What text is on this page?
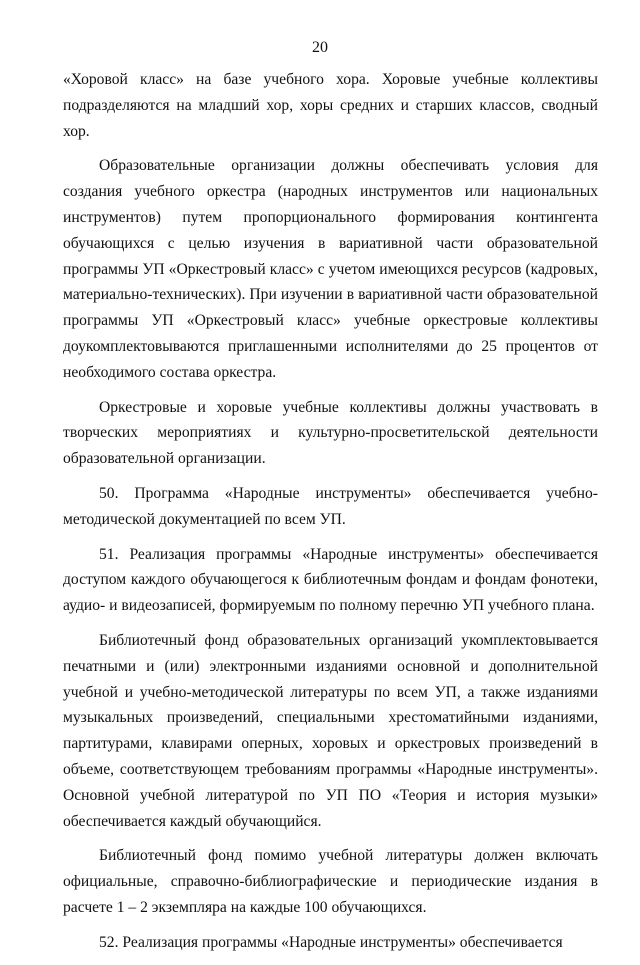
20

«Хоровой класс» на базе учебного хора. Хоровые учебные коллективы подразделяются на младший хор, хоры средних и старших классов, сводный хор.

Образовательные организации должны обеспечивать условия для создания учебного оркестра (народных инструментов или национальных инструментов) путем пропорционального формирования контингента обучающихся с целью изучения в вариативной части образовательной программы УП «Оркестровый класс» с учетом имеющихся ресурсов (кадровых, материально-технических). При изучении в вариативной части образовательной программы УП «Оркестровый класс» учебные оркестровые коллективы доукомплектовываются приглашенными исполнителями до 25 процентов от необходимого состава оркестра.

Оркестровые и хоровые учебные коллективы должны участвовать в творческих мероприятиях и культурно-просветительской деятельности образовательной организации.

50. Программа «Народные инструменты» обеспечивается учебно-методической документацией по всем УП.

51. Реализация программы «Народные инструменты» обеспечивается доступом каждого обучающегося к библиотечным фондам и фондам фонотеки, аудио- и видеозаписей, формируемым по полному перечню УП учебного плана.

Библиотечный фонд образовательных организаций укомплектовывается печатными и (или) электронными изданиями основной и дополнительной учебной и учебно-методической литературы по всем УП, а также изданиями музыкальных произведений, специальными хрестоматийными изданиями, партитурами, клавирами оперных, хоровых и оркестровых произведений в объеме, соответствующем требованиям программы «Народные инструменты». Основной учебной литературой по УП ПО «Теория и история музыки» обеспечивается каждый обучающийся.

Библиотечный фонд помимо учебной литературы должен включать официальные, справочно-библиографические и периодические издания в расчете 1 – 2 экземпляра на каждые 100 обучающихся.

52. Реализация программы «Народные инструменты» обеспечивается
